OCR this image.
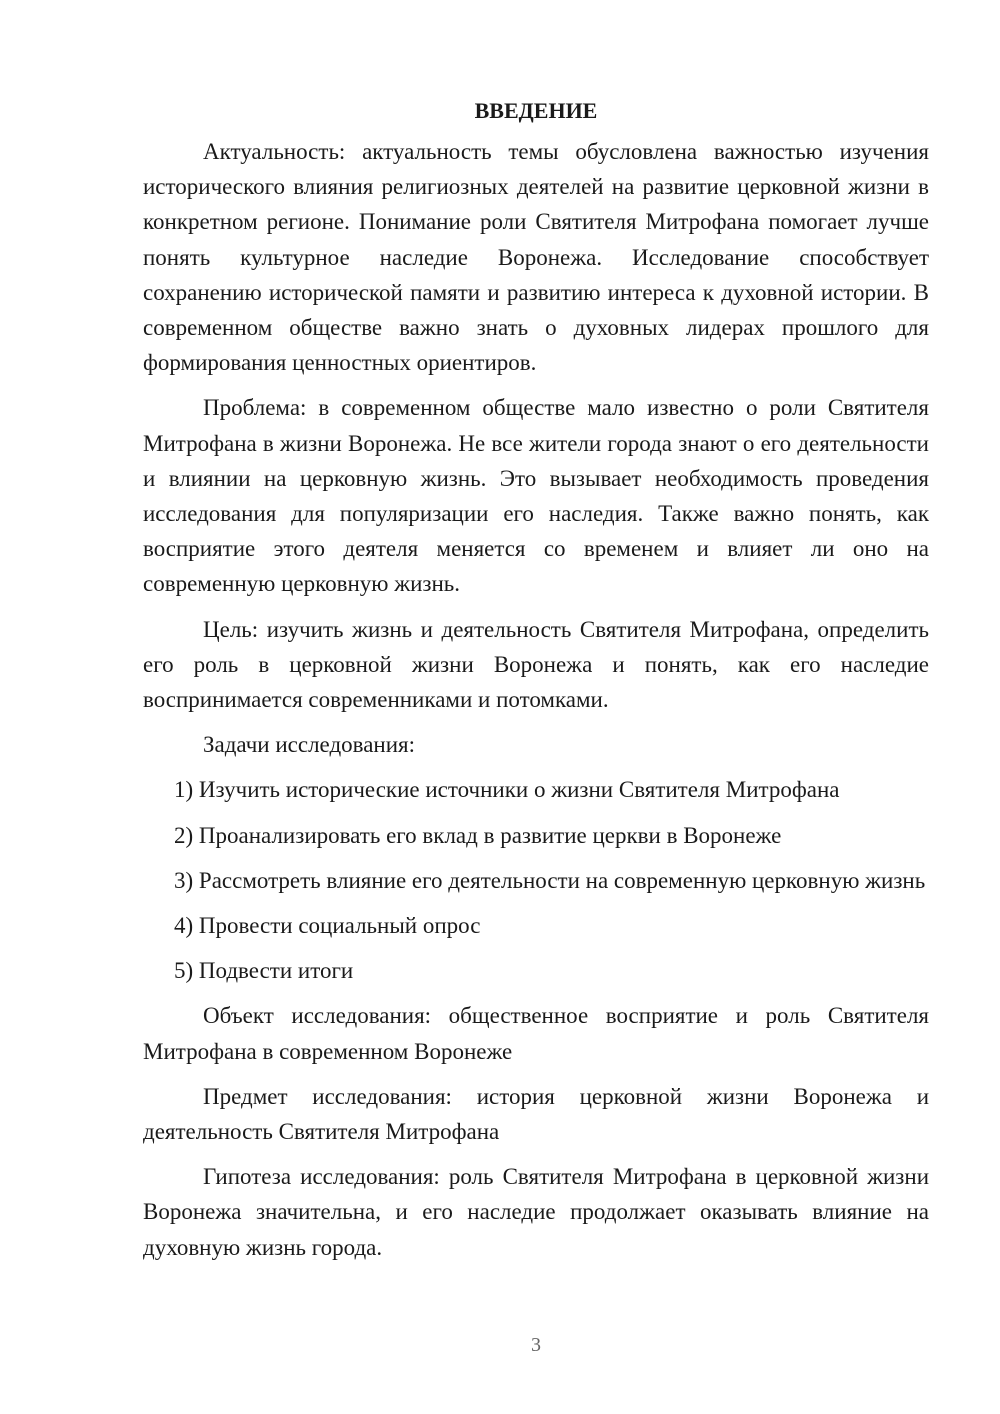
ВВЕДЕНИЕ

Актуальность: актуальность темы обусловлена важностью изучения исторического влияния религиозных деятелей на развитие церковной жизни в конкретном регионе. Понимание роли Святителя Митрофана помогает лучше понять культурное наследие Воронежа. Исследование способствует сохранению исторической памяти и развитию интереса к духовной истории. В современном обществе важно знать о духовных лидерах прошлого для формирования ценностных ориентиров.

Проблема: в современном обществе мало известно о роли Святителя Митрофана в жизни Воронежа. Не все жители города знают о его деятельности и влиянии на церковную жизнь. Это вызывает необходимость проведения исследования для популяризации его наследия. Также важно понять, как восприятие этого деятеля меняется со временем и влияет ли оно на современную церковную жизнь.

Цель: изучить жизнь и деятельность Святителя Митрофана, определить его роль в церковной жизни Воронежа и понять, как его наследие воспринимается современниками и потомками.

Задачи исследования:

1) Изучить исторические источники о жизни Святителя Митрофана

2) Проанализировать его вклад в развитие церкви в Воронеже

3) Рассмотреть влияние его деятельности на современную церковную жизнь

4) Провести социальный опрос

5) Подвести итоги

Объект исследования: общественное восприятие и роль Святителя Митрофана в современном Воронеже

Предмет исследования: история церковной жизни Воронежа и деятельность Святителя Митрофана

Гипотеза исследования: роль Святителя Митрофана в церковной жизни Воронежа значительна, и его наследие продолжает оказывать влияние на духовную жизнь города.

3
